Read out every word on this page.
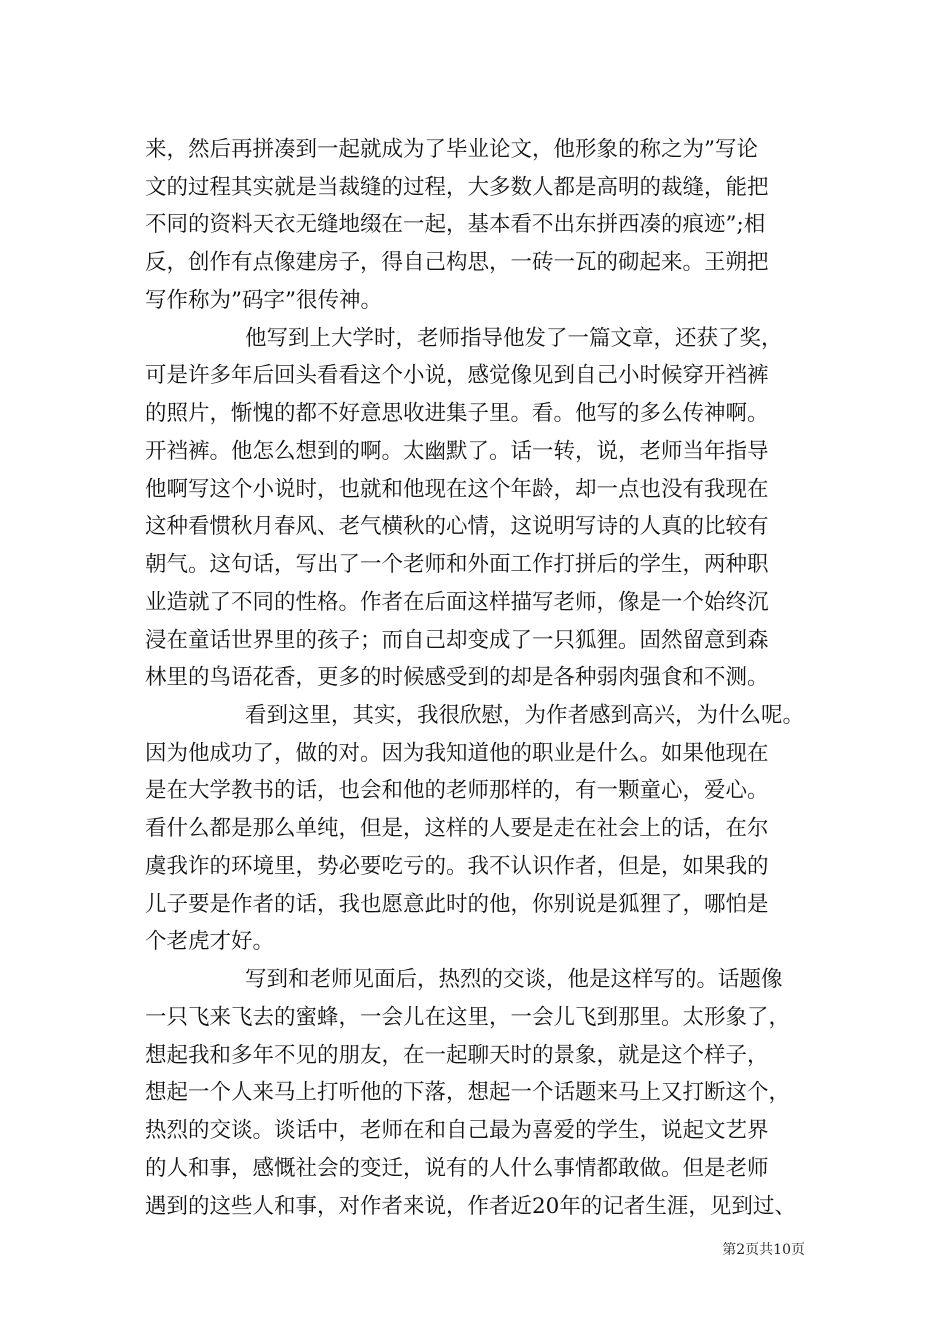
来，然后再拼凑到一起就成为了毕业论文，他形象的称之为”写论
文的过程其实就是当裁缝的过程，大多数人都是高明的裁缝，能把
不同的资料天衣无缝地缀在一起，基本看不出东拼西凑的痕迹”;相
反，创作有点像建房子，得自己构思，一砖一瓦的砌起来。王朔把
写作称为”码字”很传神。
他写到上大学时，老师指导他发了一篇文章，还获了奖，
可是许多年后回头看看这个小说，感觉像见到自己小时候穿开裆裤
的照片，惭愧的都不好意思收进集子里。看。他写的多么传神啊。
开裆裤。他怎么想到的啊。太幽默了。话一转，说，老师当年指导
他啊写这个小说时，也就和他现在这个年龄，却一点也没有我现在
这种看惯秋月春风、老气横秋的心情，这说明写诗的人真的比较有
朝气。这句话，写出了一个老师和外面工作打拼后的学生，两种职
业造就了不同的性格。作者在后面这样描写老师，像是一个始终沉
浸在童话世界里的孩子；而自己却变成了一只狐狸。固然留意到森
林里的鸟语花香，更多的时候感受到的却是各种弱肉强食和不测。
看到这里，其实，我很欣慰，为作者感到高兴，为什么呢。
因为他成功了，做的对。因为我知道他的职业是什么。如果他现在
是在大学教书的话，也会和他的老师那样的，有一颗童心，爱心。
看什么都是那么单纯，但是，这样的人要是走在社会上的话，在尔
虞我诈的环境里，势必要吃亏的。我不认识作者，但是，如果我的
儿子要是作者的话，我也愿意此时的他，你别说是狐狸了，哪怕是
个老虎才好。
写到和老师见面后，热烈的交谈，他是这样写的。话题像
一只飞来飞去的蜜蜂，一会儿在这里，一会儿飞到那里。太形象了，
想起我和多年不见的朋友，在一起聊天时的景象，就是这个样子，
想起一个人来马上打听他的下落，想起一个话题来马上又打断这个，
热烈的交谈。谈话中，老师在和自己最为喜爱的学生，说起文艺界
的人和事，感慨社会的变迁，说有的人什么事情都敢做。但是老师
遇到的这些人和事，对作者来说，作者近20年的记者生涯，见到过、
第2页共10页
